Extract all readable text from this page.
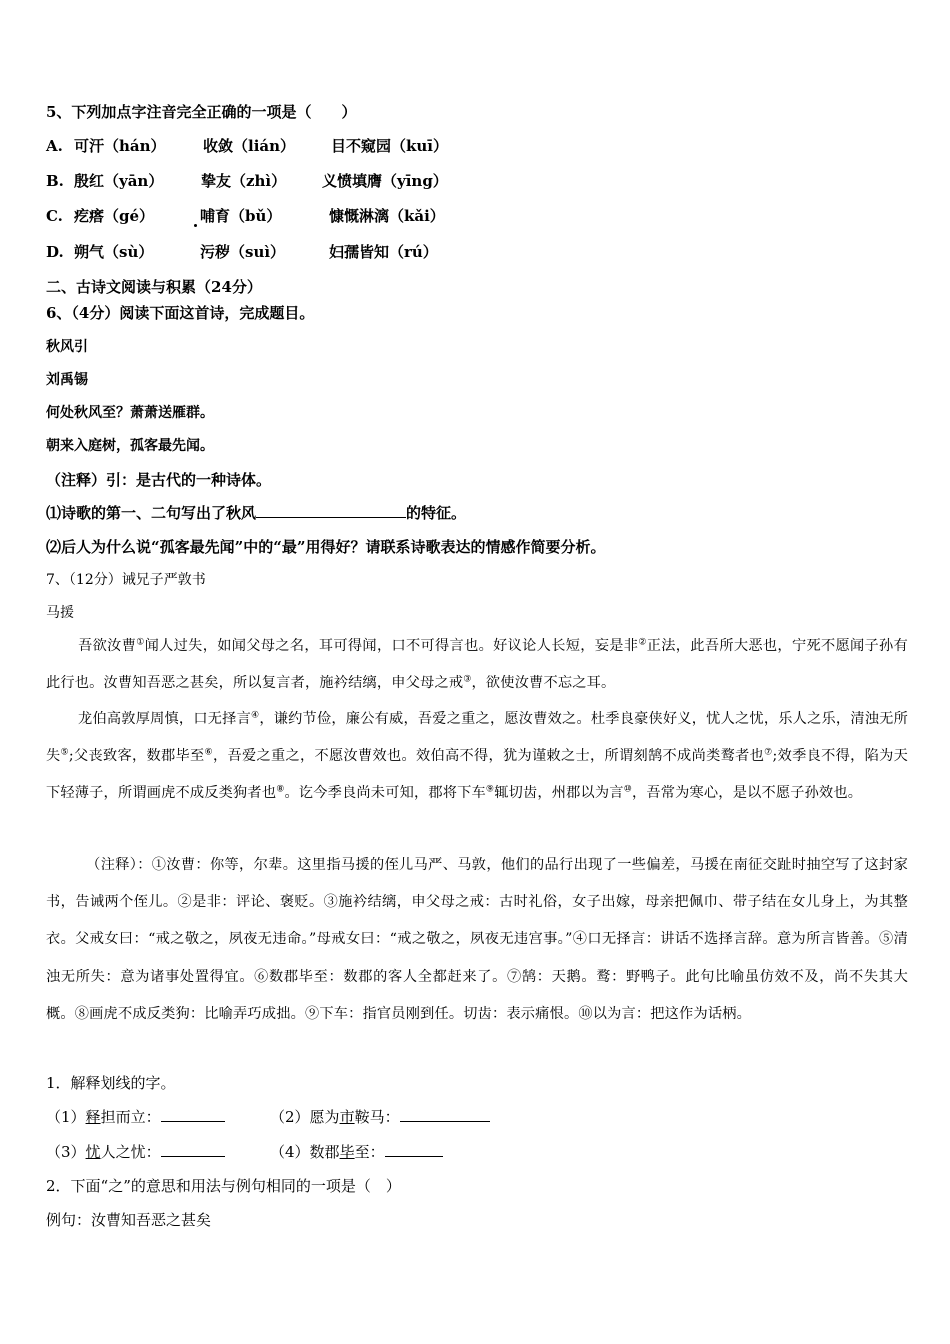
5、下列加点字注音完全正确的一项是（　　）
A. 可汗（hán） 收敛（lián） 目不窥园（kuī）
B. 殷红（yān）	挚友（zhì） 义愤填膺（yīng）
C. 疙瘩（gé）	哺育（bǔ）	慷慨淋漓（kǎi）
D. 朔气（sù）	污秽（suì）	妇孺皆知（rú）
二、古诗文阅读与积累（24分）
6、（4分）阅读下面这首诗，完成题目。
秋风引
刘禹锡
何处秋风至？萧萧送雁群。
朝来入庭树，孤客最先闻。
（注释）引：是古代的一种诗体。
⑴诗歌的第一、二句写出了秋风	的特征。
⑵后人为什么说“孤客最先闻”中的“最”用得好？请联系诗歌表达的情感作简要分析。
7、（12分）诫兄子严敦书
马援
吾欲汝曹①闻人过失，如闻父母之名，耳可得闻，口不可得言也。好议论人长短，妄是非②正法，此吾所大恶也，宁死不愿闻子孙有此行也。汝曹知吾恶之甚矣，所以复言者，施衿结缡，申父母之戒③，欲使汝曹不忘之耳。
龙伯高敦厚周慎，口无择言④，谦约节俭，廉公有威，吾爱之重之，愿汝曹效之。杜季良豪侠好义，忧人之忧，乐人之乐，清浊无所失⑤;父丧致客，数郡毕至⑥，吾爱之重之，不愿汝曹效也。效伯高不得，犹为谨敕之士，所谓刻鹄不成尚类鹜者也⑦;效季良不得，陷为天下轻薄子，所谓画虎不成反类狗者也⑧。讫今季良尚未可知，郡将下车⑨辄切齿，州郡以为言⑩，吾常为寒心，是以不愿子孙效也。
（注释）：①汝曹：你等，尔辈。这里指马援的侄儿马严、马敦，他们的品行出现了一些偏差，马援在南征交趾时抽空写了这封家书，告诫两个侄儿。②是非：评论、褒贬。③施衿结缡，申父母之戒：古时礼俗，女子出嫁，母亲把佩巾、带子结在女儿身上，为其整衣。父戒女曰：“戒之敬之，夙夜无违命。”母戒女曰：“戒之敬之，夙夜无违宫事。”④口无择言：讲话不选择言辞。意为所言皆善。⑤清浊无所失：意为诸事处置得宜。⑥数郡毕至：数郡的客人全都赶来了。⑦鹄：天鹅。鹜：野鸭子。此句比喻虽仿效不及，尚不失其大概。⑧画虎不成反类狗：比喻弄巧成拙。⑨下车：指官员刚到任。切齿：表示痛恨。⑩以为言：把这作为话柄。
1．解释划线的字。
（1）释担而立：	（2）愿为市鞍马：
（3）忧人之忧：	（4）数郡毕至：
2．下面“之”的意思和用法与例句相同的一项是（　）
例句：汝曹知吾恶之甚矣
